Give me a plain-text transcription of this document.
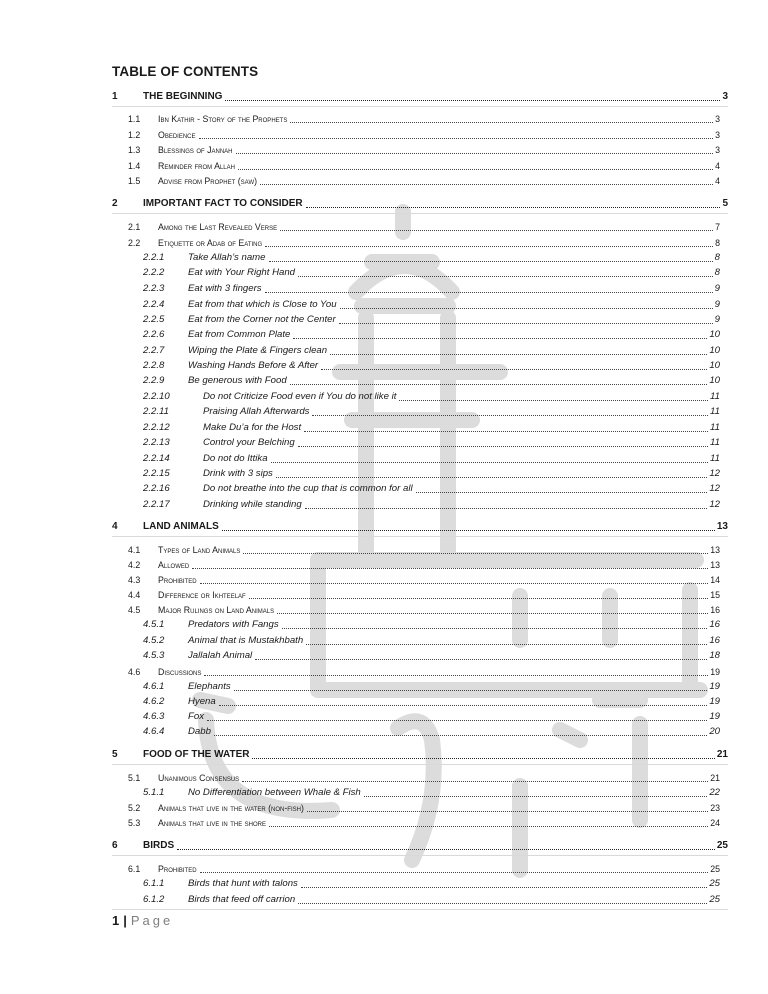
TABLE OF CONTENTS
1	THE BEGINNING	3
1.1	Ibn Kathir - Story of the Prophets	3
1.2	Obedience	3
1.3	Blessings of Jannah	3
1.4	Reminder from Allah	4
1.5	Advise from Prophet (saw)	4
2	IMPORTANT FACT TO CONSIDER	5
2.1	Among the Last Revealed Verse	7
2.2	Etiquette or Adab of Eating	8
2.2.1	Take Allah’s name	8
2.2.2	Eat with Your Right Hand	8
2.2.3	Eat with 3 fingers	9
2.2.4	Eat from that which is Close to You	9
2.2.5	Eat from the Corner not the Center	9
2.2.6	Eat from Common Plate	10
2.2.7	Wiping the Plate & Fingers clean	10
2.2.8	Washing Hands Before & After	10
2.2.9	Be generous with Food	10
2.2.10	Do not Criticize Food even if You do not like it	11
2.2.11	Praising Allah Afterwards	11
2.2.12	Make Du’a for the Host	11
2.2.13	Control your Belching	11
2.2.14	Do not do Ittika	11
2.2.15	Drink with 3 sips	12
2.2.16	Do not breathe into the cup that is common for all	12
2.2.17	Drinking while standing	12
4	LAND ANIMALS	13
4.1	Types of Land Animals	13
4.2	Allowed	13
4.3	Prohibited	14
4.4	Difference or Ikhteelaf	15
4.5	Major Rulings on Land Animals	16
4.5.1	Predators with Fangs	16
4.5.2	Animal that is Mustakhbath	16
4.5.3	Jallalah Animal	18
4.6	Discussions	19
4.6.1	Elephants	19
4.6.2	Hyena	19
4.6.3	Fox	19
4.6.4	Dabb	20
5	FOOD OF THE WATER	21
5.1	Unanimous Consensus	21
5.1.1	No Differentiation between Whale & Fish	22
5.2	Animals that live in the water (non-fish)	23
5.3	Animals that live in the shore	24
6	BIRDS	25
6.1	Prohibited	25
6.1.1	Birds that hunt with talons	25
6.1.2	Birds that feed off carrion	25
1 | Page
